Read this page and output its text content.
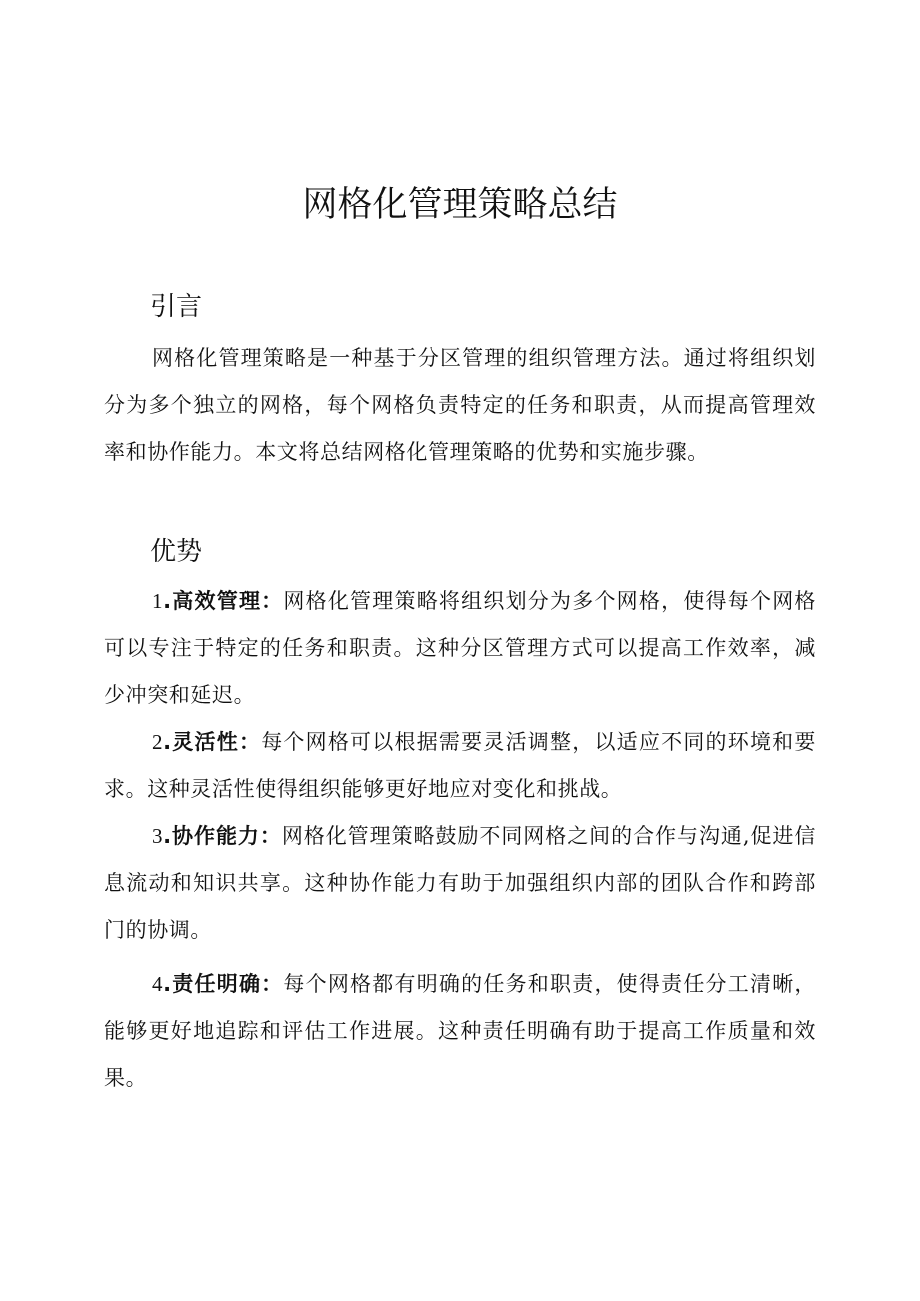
网格化管理策略总结
引言

网格化管理策略是一种基于分区管理的组织管理方法。通过将组织划分为多个独立的网格，每个网格负责特定的任务和职责，从而提高管理效率和协作能力。本文将总结网格化管理策略的优势和实施步骤。

优势

1.高效管理：网格化管理策略将组织划分为多个网格，使得每个网格可以专注于特定的任务和职责。这种分区管理方式可以提高工作效率，减少冲突和延迟。

2.灵活性：每个网格可以根据需要灵活调整，以适应不同的环境和要求。这种灵活性使得组织能够更好地应对变化和挑战。

3.协作能力：网格化管理策略鼓励不同网格之间的合作与沟通,促进信息流动和知识共享。这种协作能力有助于加强组织内部的团队合作和跨部门的协调。

4.责任明确：每个网格都有明确的任务和职责，使得责任分工清晰，能够更好地追踪和评估工作进展。这种责任明确有助于提高工作质量和效果。
